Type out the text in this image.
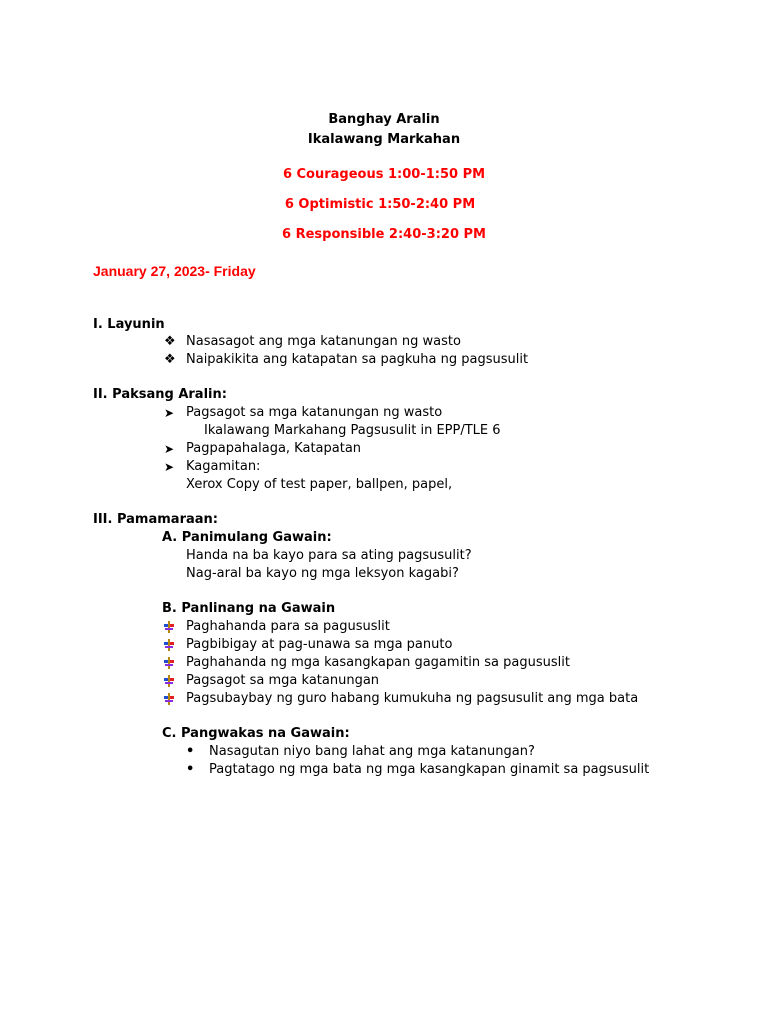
Banghay Aralin
Ikalawang Markahan
6 Courageous 1:00-1:50 PM
6 Optimistic 1:50-2:40 PM
6 Responsible 2:40-3:20 PM
January 27, 2023- Friday
I. Layunin
❖ Nasasagot ang mga katanungan ng wasto
❖ Naipakikita ang katapatan sa pagkuha ng pagsusulit
II. Paksang Aralin:
➤ Pagsagot sa mga katanungan ng wasto
Ikalawang Markahang Pagsusulit in EPP/TLE 6
➤ Pagpapahalaga, Katapatan
➤ Kagamitan:
Xerox Copy of test paper, ballpen, papel,
III. Pamamaraan:
A. Panimulang Gawain:
Handa na ba kayo para sa ating pagsusulit?
Nag-aral ba kayo ng mga leksyon kagabi?
B. Panlinang na Gawain
Paghahanda para sa pagususlit
Pagbibigay at pag-unawa sa mga panuto
Paghahanda ng mga kasangkapan gagamitin sa pagususlit
Pagsagot sa mga katanungan
Pagsubaybay ng guro habang kumukuha ng pagsusulit ang mga bata
C. Pangwakas na Gawain:
• Nasagutan niyo bang lahat ang mga katanungan?
• Pagtatago ng mga bata ng mga kasangkapan ginamit sa pagsusulit
